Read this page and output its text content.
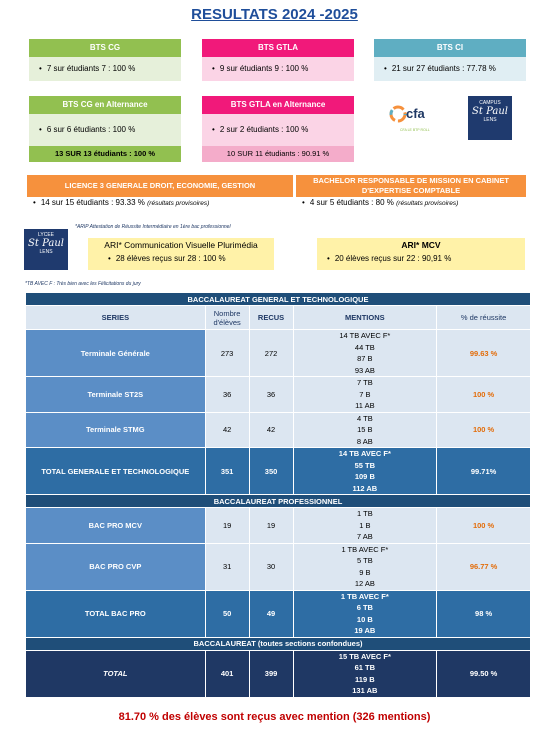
RESULTATS 2024 -2025
BTS CG
• 7 sur étudiants 7 : 100 %
BTS GTLA
• 9 sur étudiants 9 : 100 %
BTS CI
• 21 sur 27 étudiants : 77.78 %
BTS CG en Alternance
• 6 sur 6 étudiants : 100 %
13 SUR 13 étudiants : 100 %
BTS GTLA en Alternance
• 2 sur 2 étudiants : 100 %
10 SUR 11 étudiants : 90.91 %
cfa
CFA LE BTP ROLL
CAMPUS
St Paul
LENS
LICENCE 3 GENERALE DROIT, ECONOMIE, GESTION
• 14 sur 15 étudiants : 93.33 % (résultats provisoires)
BACHELOR RESPONSABLE DE MISSION EN CABINET D'EXPERTISE COMPTABLE
• 4 sur 5 étudiants : 80 % (résultats provisoires)
*ARIP Attestation de Réussite Intermédiaire en 1ère bac professionnel
LYCEE
St Paul
LENS
ARI* Communication Visuelle Plurimédia
• 28 élèves reçus sur 28 : 100 %
ARI* MCV
• 20 élèves reçus sur 22 : 90,91 %
*TB AVEC F : Très bien avec les Félicitations du jury
BACCALAUREAT GENERAL ET TECHNOLOGIQUE				
SERIES	Nombre d'élèves	RECUS	MENTIONS	% de réussite
Terminale Générale	273	272	14 TB AVEC F*
44 TB
87 B
93 AB	99.63 %
Terminale ST2S	36	36	7 TB
7 B
11 AB	100 %
Terminale STMG	42	42	4 TB
15 B
8 AB	100 %
TOTAL GENERALE ET TECHNOLOGIQUE	351	350	14 TB AVEC F*
55 TB
109 B
112 AB	99.71%
BACCALAUREAT PROFESSIONNEL				
BAC PRO MCV	19	19	1 TB
1 B
7 AB	100 %
BAC PRO CVP	31	30	1 TB AVEC F*
5 TB
9 B
12 AB	96.77 %
TOTAL BAC PRO	50	49	1 TB AVEC F*
6 TB
10 B
19 AB	98 %
BACCALAUREAT (toutes sections confondues)				
TOTAL	401	399	15 TB AVEC F*
61 TB
119 B
131 AB	99.50 %
81.70 % des élèves sont reçus avec mention (326 mentions)
